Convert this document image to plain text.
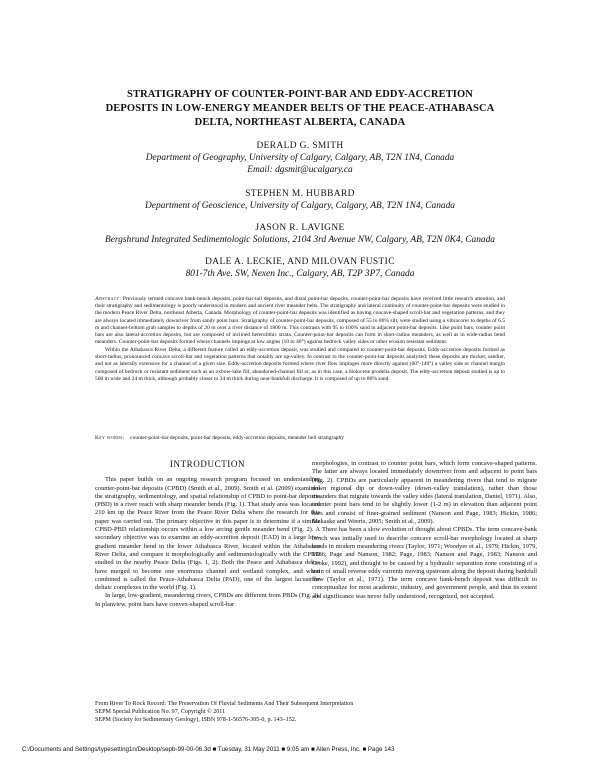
STRATIGRAPHY OF COUNTER-POINT-BAR AND EDDY-ACCRETION
DEPOSITS IN LOW-ENERGY MEANDER BELTS OF THE PEACE-ATHABASCA
DELTA, NORTHEAST ALBERTA, CANADA
DERALD G. SMITH
Department of Geography, University of Calgary, Calgary, AB, T2N 1N4, Canada
Email: dgsmit@ucalgary.ca
STEPHEN M. HUBBARD
Department of Geoscience, University of Calgary, Calgary, AB, T2N 1N4, Canada
JASON R. LAVIGNE
Bergshrund Integrated Sedimentologic Solutions, 2104 3rd Avenue NW, Calgary, AB, T2N 0K4, Canada
DALE A. LECKIE, AND MILOVAN FUSTIC
801-7th Ave. SW, Nexen Inc., Calgary, AB, T2P 3P7, Canada

Abstract: Previously termed concave bank-bench deposits, point-bar-tail deposits, and distal point-bar deposits, counter-point-bar deposits have received little research attention, and their stratigraphy and sedimentology is poorly understood in modern and ancient river meander belts. The stratigraphy and lateral continuity of counter-point-bar deposits were studied in the modern Peace River Delta, northeast Alberta, Canada. Morphology of counter-point-bar deposits was identified as having concave-shaped scroll-bar and vegetation patterns, and they are always located immediately downriver from sandy point bars. Stratigraphy of counter-point-bar deposits, composed of 55 to 86% silt, were studied using a vibracorer to depths of 6.5 m and channel-bottom grab samples to depths of 20 m over a river distance of 1800 m. This contrasts with 95 to 100% sand in adjacent point-bar deposits. Like point bars, counter point bars are also lateral-accretion deposits, but are composed of inclined heterolithic strata. Counter-point-bar deposits can form in short-radius meanders, as well as in wide-radius bend meanders. Counter-point-bar deposits formed where channels impinge at low angles (10 to 40°) against bedrock valley sides or other erosion resistant sediment.

Within the Athabasca River Delta, a different feature called an eddy-accretion deposit, was studied and compared to counter-point-bar deposits. Eddy-accretion deposits formed as short-radius, pronounced concave scroll-bar and vegetation patterns that notably are up-valley. In contrast to the counter-point-bar deposits analyzed; these deposits are thicker, sandier, and not as laterally extensive for a channel of a given size. Eddy-accretion deposits formed where river flow impinges more directly against (60°-140°) a valley side or channel margin composed of bedrock or resistant sediment such as an oxbow-lake fill, abandoned-channel fill or, as in this case, a Holocene prodelta deposit. The eddy-accretion deposit studied is up to 500 m wide and 24 m thick, although probably closer to 34 m thick during near-bankfull discharge. It is composed of up to 80% sand.

Key words: counter-point-bar deposits, point-bar deposits, eddy-accretion deposits, meander belt stratigraphy
INTRODUCTION

This paper builds on an ongoing research program focused on understanding counter-point-bar deposits (CPBD) (Smith et al., 2009). Smith et al. (2009) examined the stratigraphy, sedimentology, and spatial relationship of CPBD to point-bar deposits (PBD) in a river reach with sharp meander bends (Fig. 1). That study area was located 210 km up the Peace River from the Peace River Delta where the research for this paper was carried out. The primary objective in this paper is to determine if a similar CPBD-PBD relationship occurs within a low arcing gentle meander bend (Fig. 2). A secondary objective was to examine an eddy-accretion deposit (EAD) in a large low-gradient meander bend in the lower Athabasca River, located within the Athabasca River Delta, and compare it morphologically and sedimentologically with the CPBD studied in the nearby Peace Delta (Figs. 1, 2). Both the Peace and Athabasca deltas have merged to become one enormous channel and wetland complex, and when combined is called the Peace-Athabasca Delta (PAD), one of the largest lacustrine deltaic complexes in the world (Fig. 1).

In large, low-gradient, meandering rivers, CPBDs are different from PBDs (Fig. 2). In planview, point bars have convex-shaped scroll-bar

morphologies, in contrast to counter point bars, which form concave-shaped patterns. The latter are always located immediately downriver from and adjacent to point bars (Fig. 2). CPBDs are particularly apparent in meandering rivers that tend to migrate down regional dip or down-valley (down-valley translation), rather than those meanders that migrate towards the valley sides (lateral translation, Daniel, 1971). Also, counter point bars tend to be slightly lower (1-2 m) in elevation than adjacent point bars and consist of finer-grained sediment (Nanson and Page, 1983; Hickin, 1986; Makaske and Weerts, 2005; Smith et al., 2009).

There has been a slow evolution of thought about CPBDs. The term concave-bank bench was initially used to describe concave scroll-bar morphology located at sharp bends in modern meandering rivers (Taylor, 1971; Woodyer et al., 1979; Hickin, 1979, 1986; Page and Nanson, 1982; Page, 1983; Nanson and Page, 1983; Nanson and Croke, 1992), and thought to be caused by a hydraulic separation zone consisting of a train of small reverse eddy currents moving upstream along the deposit during bankfull flow (Taylor et al., 1971). The term concave bank-bench deposit was difficult to conceptualize for most academic, industry, and government people, and thus its extent and significance was never fully understood, recognized, nor accepted.

From River To Rock Record: The Preservation Of Fluvial Sediments And Their Subsequent Interpretation
SEPM Special Publication No. 97, Copyright © 2011
SEPM (Society for Sedimentary Geology), ISBN 978-1-56576-305-0, p. 143–152.
C:/Documents and Settings/typesetting1n/Desktop/sepb-99-00-06.3d ■ Tuesday, 31 May 2011 ■ 9:05 am ■ Allen Press, Inc. ■ Page 143
